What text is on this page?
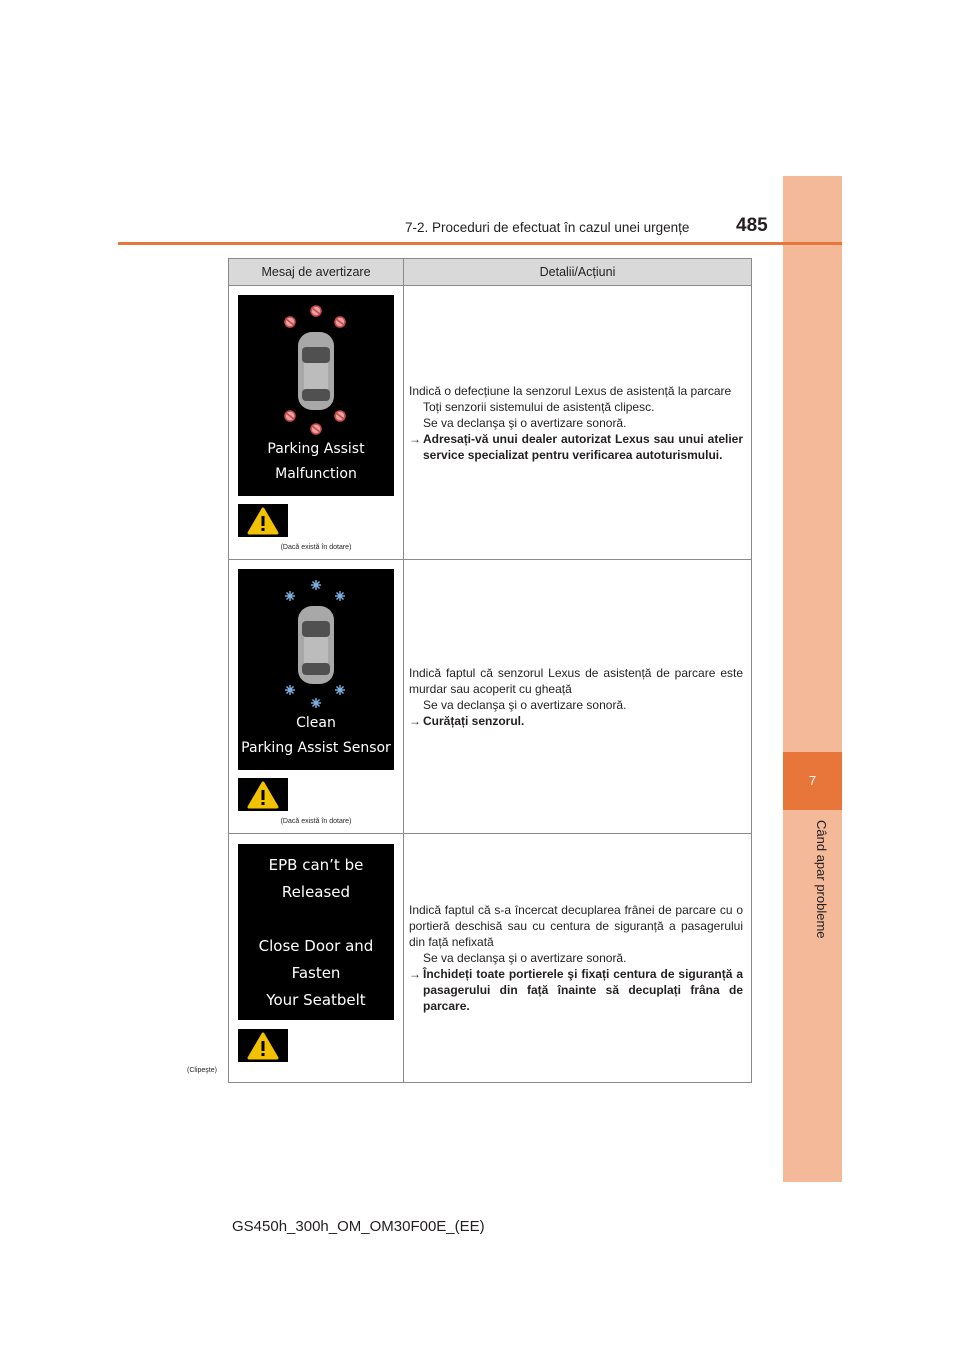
7
Când apar probleme
7-2. Proceduri de efectuat în cazul unei urgențe 485
Mesaj de avertizare	Detalii/Acțiuni
Parking Assist
Malfunction
(Dacă există în dotare)

Indică o defecțiune la senzorul Lexus de asistență la parcare

Toți senzorii sistemului de asistență clipesc.

Se va declanşa şi o avertizare sonoră.

→ Adresați-vă unui dealer autorizat Lexus sau unui atelier service specializat pentru verificarea autoturismului.
Clean
Parking Assist Sensor
(Dacă există în dotare)

Indică faptul că senzorul Lexus de asistență de parcare este murdar sau acoperit cu gheață

Se va declanşa şi o avertizare sonoră.

→ Curățați senzorul.
EPB can’t be
Released
Close Door and
Fasten
Your Seatbelt
(Clipeşte)

Indică faptul că s-a încercat decuplarea frânei de parcare cu o portieră deschisă sau cu centura de siguranță a pasagerului din față nefixată

Se va declanşa şi o avertizare sonoră.

→ Închideți toate portierele şi fixați centura de siguranță a pasagerului din față înainte să decuplați frâna de parcare.
GS450h_300h_OM_OM30F00E_(EE)
